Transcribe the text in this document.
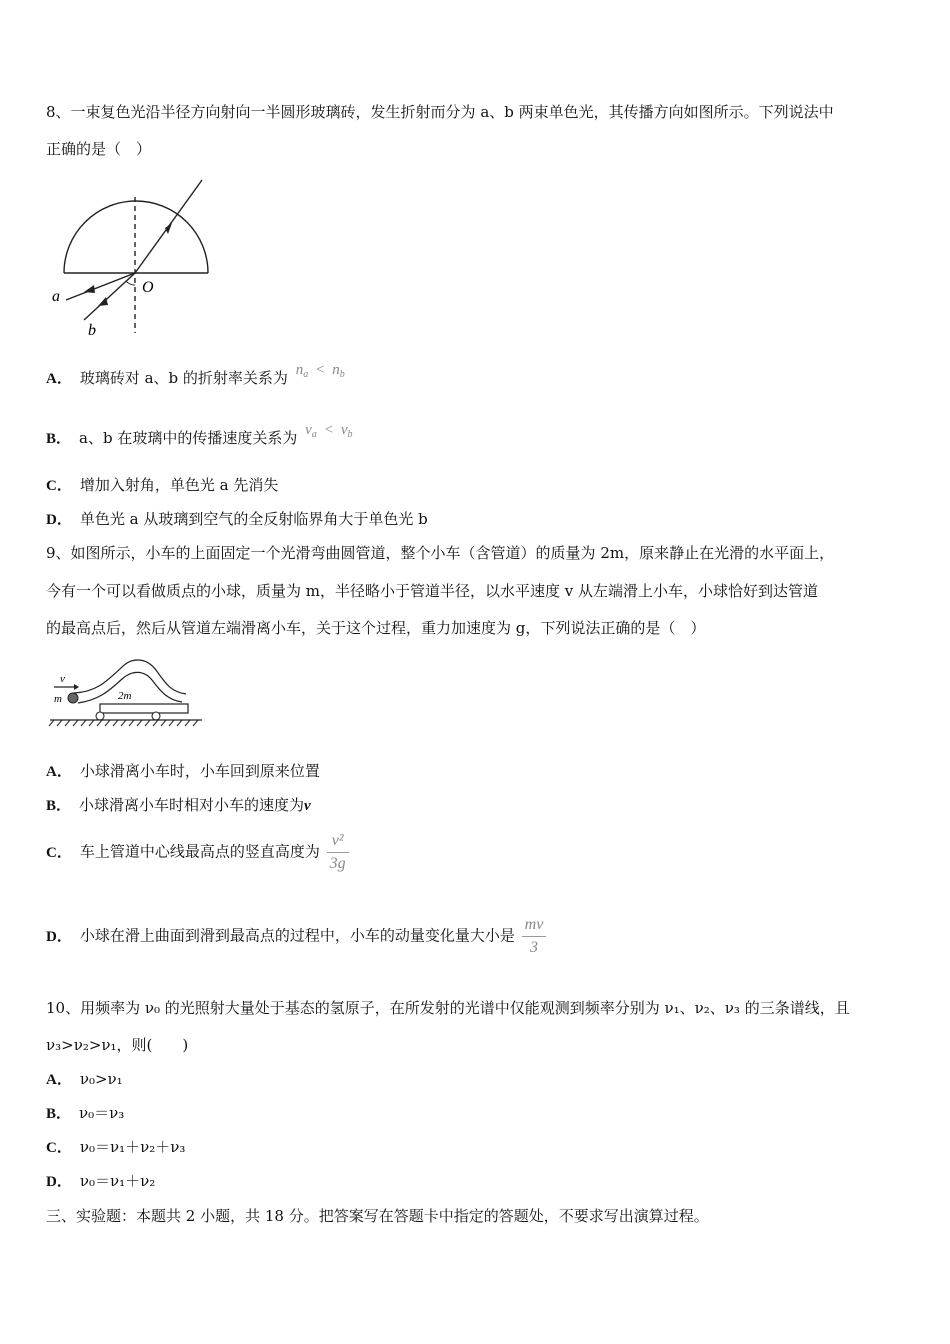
8、一束复色光沿半径方向射向一半圆形玻璃砖，发生折射而分为 a、b 两束单色光，其传播方向如图所示。下列说法中
正确的是（　）
a
b
O
A． 玻璃砖对 a、b 的折射率关系为 $n_a < n_b$
B． a、b 在玻璃中的传播速度关系为 $v_a < v_b$
C． 增加入射角，单色光 a 先消失
D． 单色光 a 从玻璃到空气的全反射临界角大于单色光 b
9、如图所示，小车的上面固定一个光滑弯曲圆管道，整个小车（含管道）的质量为 2m，原来静止在光滑的水平面上，
今有一个可以看做质点的小球，质量为 m，半径略小于管道半径，以水平速度 v 从左端滑上小车，小球恰好到达管道
的最高点后，然后从管道左端滑离小车，关于这个过程，重力加速度为 g，下列说法正确的是（　）
v
m	2m
A． 小球滑离小车时，小车回到原来位置
B． 小球滑离小车时相对小车的速度为v
C． 车上管道中心线最高点的竖直高度为 $\frac{\text{v²}}{3g}$
D． 小球在滑上曲面到滑到最高点的过程中，小车的动量变化量大小是 $\frac{mv}{3}$
10、用频率为 ν₀ 的光照射大量处于基态的氢原子，在所发射的光谱中仅能观测到频率分别为 ν₁、ν₂、ν₃ 的三条谱线，且
ν₃>ν₂>ν₁，则(　　)
A． ν₀>ν₁
B． ν₀＝ν₃
C． ν₀＝ν₁＋ν₂＋ν₃
D． ν₀＝ν₁＋ν₂
三、实验题：本题共 2 小题，共 18 分。把答案写在答题卡中指定的答题处，不要求写出演算过程。
